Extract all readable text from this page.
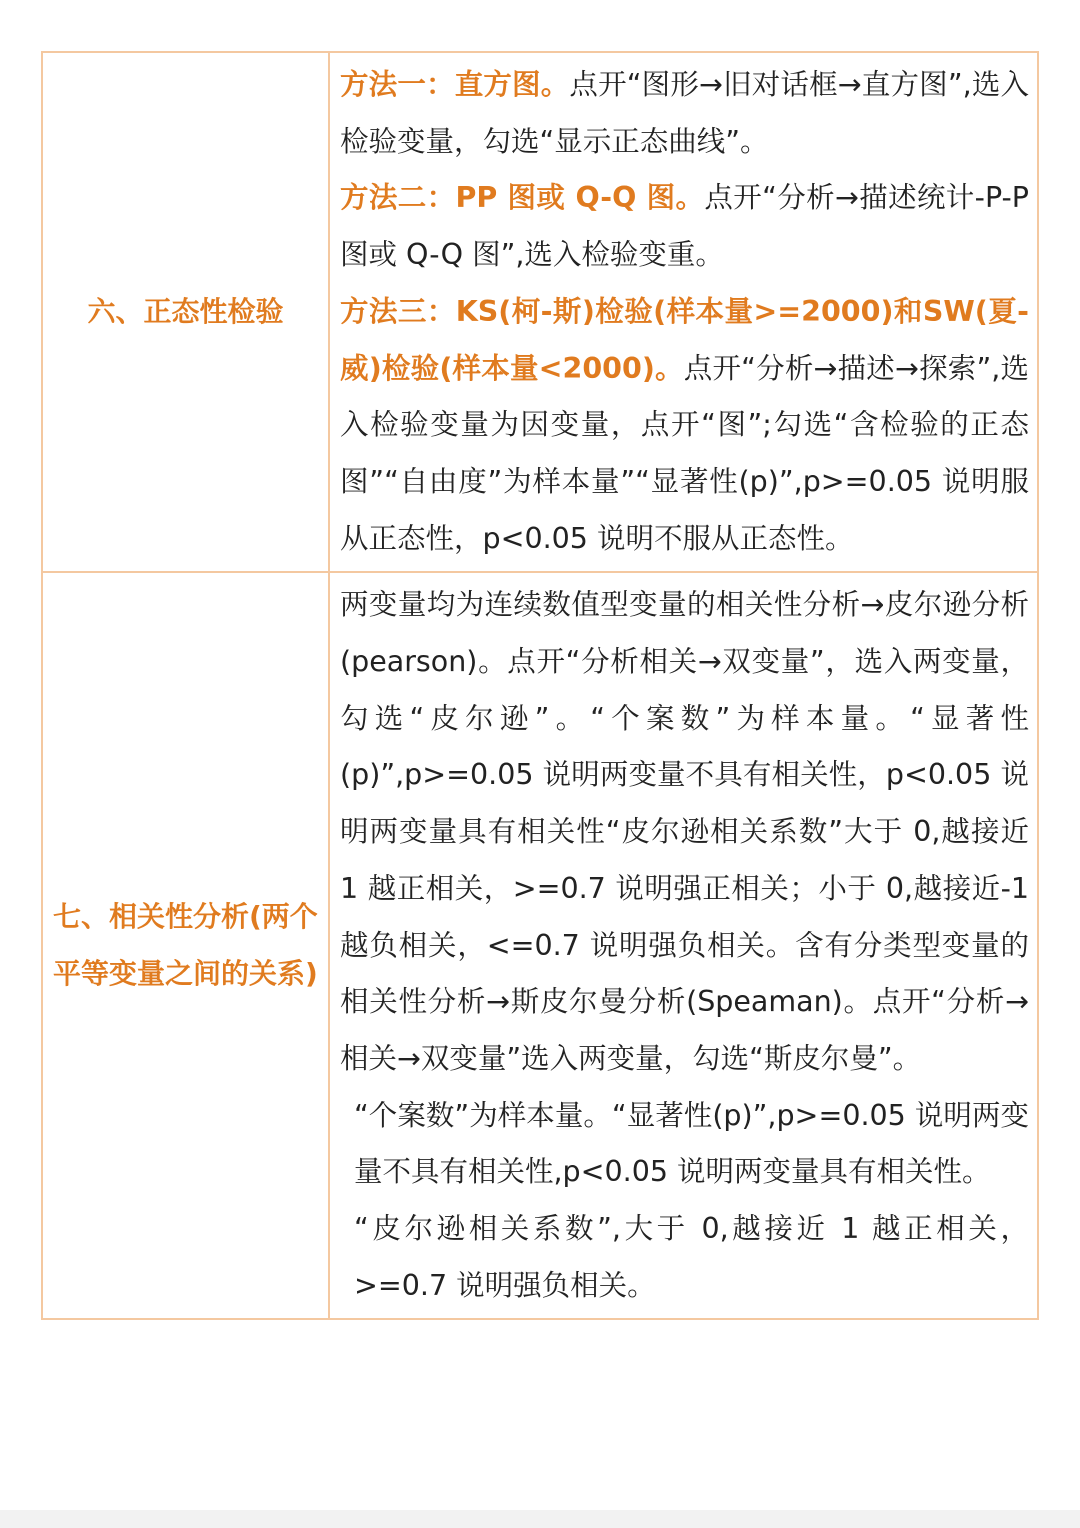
六、正态性检验	方法一：直方图。点开“图形→旧对话框→直方图”,选入检验变量，勾选“显示正态曲线”。

方法二：PP 图或 Q-Q 图。点开“分析→描述统计-P-P 图或 Q-Q 图”,选入检验变重。

方法三：KS(柯-斯)检验(样本量>=2000)和SW(夏-威)检验(样本量<2000)。点开“分析→描述→探索”,选入检验变量为因变量，点开“图”;勾选“含检验的正态图”“自由度”为样本量”“显著性(p)”,p>=0.05 说明服从正态性，p<0.05 说明不服从正态性。

七、相关性分析(两个平等变量之间的关系)	两变量均为连续数值型变量的相关性分析→皮尔逊分析(pearson)。点开“分析相关→双变量”，选入两变量，勾选“皮尔逊”。“个案数”为样本量。“显著性(p)”,p>=0.05 说明两变量不具有相关性，p<0.05 说明两变量具有相关性“皮尔逊相关系数”大于 0,越接近 1 越正相关，>=0.7 说明强正相关；小于 0,越接近-1 越负相关，<=0.7 说明强负相关。含有分类型变量的相关性分析→斯皮尔曼分析(Speaman)。点开“分析→相关→双变量”选入两变量，勾选“斯皮尔曼”。

“个案数”为样本量。“显著性(p)”,p>=0.05 说明两变量不具有相关性,p<0.05 说明两变量具有相关性。

“皮尔逊相关系数”,大于 0,越接近 1 越正相关，>=0.7 说明强负相关。
